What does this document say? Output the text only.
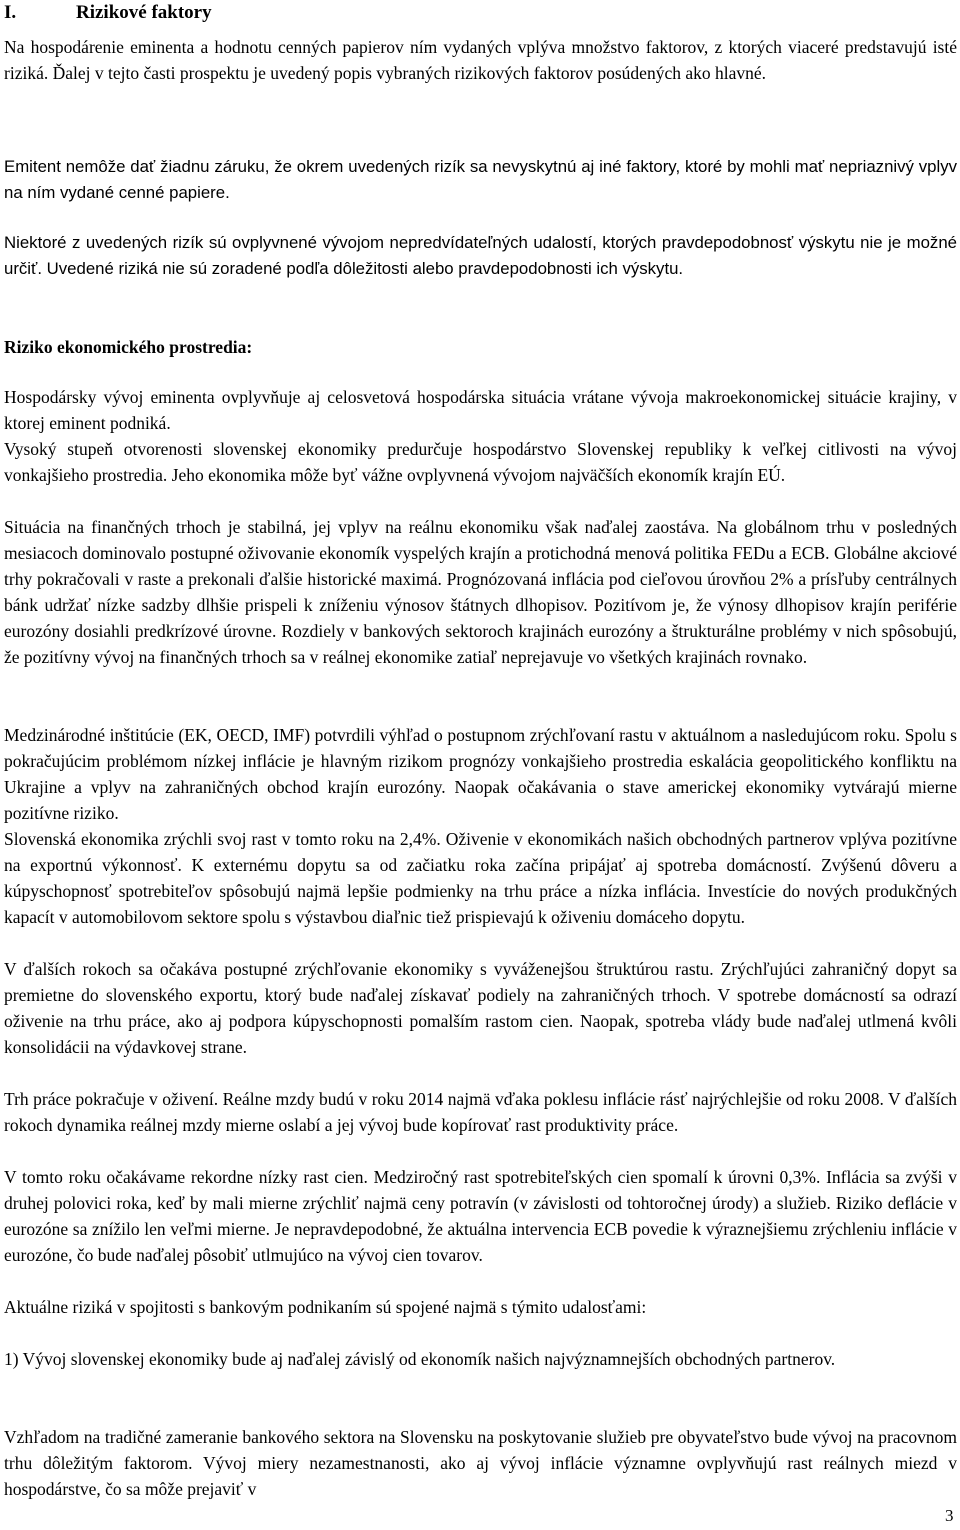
I.	Rizikové faktory

Na hospodárenie eminenta a hodnotu cenných papierov ním vydaných vplýva množstvo faktorov, z ktorých viaceré predstavujú isté riziká. Ďalej v tejto časti prospektu je uvedený popis vybraných rizikových faktorov posúdených ako hlavné.

Emitent nemôže dať žiadnu záruku, že okrem uvedených rizík sa nevyskytnú aj iné faktory, ktoré by mohli mať nepriaznivý vplyv na ním vydané cenné papiere.

Niektoré z uvedených rizík sú ovplyvnené vývojom nepredvídateľných udalostí, ktorých pravdepodobnosť výskytu nie je možné určiť. Uvedené riziká nie sú zoradené podľa dôležitosti alebo pravdepodobnosti ich výskytu.

Riziko ekonomického prostredia:

Hospodársky vývoj eminenta ovplyvňuje aj celosvetová hospodárska situácia vrátane vývoja makroekonomickej situácie krajiny, v ktorej eminent podniká.

Vysoký stupeň otvorenosti slovenskej ekonomiky predurčuje hospodárstvo Slovenskej republiky k veľkej citlivosti na vývoj vonkajšieho prostredia. Jeho ekonomika môže byť vážne ovplyvnená vývojom najväčších ekonomík krajín EÚ.

Situácia na finančných trhoch je stabilná, jej vplyv na reálnu ekonomiku však naďalej zaostáva. Na globálnom trhu v posledných mesiacoch dominovalo postupné oživovanie ekonomík vyspelých krajín a protichodná menová politika FEDu a ECB. Globálne akciové trhy pokračovali v raste a prekonali ďalšie historické maximá. Prognózovaná inflácia pod cieľovou úrovňou 2% a prísľuby centrálnych bánk udržať nízke sadzby dlhšie prispeli k zníženiu výnosov štátnych dlhopisov. Pozitívom je, že výnosy dlhopisov krajín periférie eurozóny dosiahli predkrízové úrovne. Rozdiely v bankových sektoroch krajinách eurozóny a štrukturálne problémy v nich spôsobujú, že pozitívny vývoj na finančných trhoch sa v reálnej ekonomike zatiaľ neprejavuje vo všetkých krajinách rovnako.

Medzinárodné inštitúcie (EK, OECD, IMF) potvrdili výhľad o postupnom zrýchľovaní rastu v aktuálnom a nasledujúcom roku. Spolu s pokračujúcim problémom nízkej inflácie je hlavným rizikom prognózy vonkajšieho prostredia eskalácia geopolitického konfliktu na Ukrajine a vplyv na zahraničných obchod krajín eurozóny. Naopak očakávania o stave americkej ekonomiky vytvárajú mierne pozitívne riziko.

Slovenská ekonomika zrýchli svoj rast v tomto roku na 2,4%. Oživenie v ekonomikách našich obchodných partnerov vplýva pozitívne na exportnú výkonnosť. K externému dopytu sa od začiatku roka začína pripájať aj spotreba domácností. Zvýšenú dôveru a kúpyschopnosť spotrebiteľov spôsobujú najmä lepšie podmienky na trhu práce a nízka inflácia. Investície do nových produkčných kapacít v automobilovom sektore spolu s výstavbou diaľnic tiež prispievajú k oživeniu domáceho dopytu.

V ďalších rokoch sa očakáva postupné zrýchľovanie ekonomiky s vyváženejšou štruktúrou rastu. Zrýchľujúci zahraničný dopyt sa premietne do slovenského exportu, ktorý bude naďalej získavať podiely na zahraničných trhoch. V spotrebe domácností sa odrazí oživenie na trhu práce, ako aj podpora kúpyschopnosti pomalším rastom cien. Naopak, spotreba vlády bude naďalej utlmená kvôli konsolidácii na výdavkovej strane.

Trh práce pokračuje v oživení. Reálne mzdy budú v roku 2014 najmä vďaka poklesu inflácie rásť najrýchlejšie od roku 2008. V ďalších rokoch dynamika reálnej mzdy mierne oslabí a jej vývoj bude kopírovať rast produktivity práce.

V tomto roku očakávame rekordne nízky rast cien. Medziročný rast spotrebiteľských cien spomalí k úrovni 0,3%. Inflácia sa zvýši v druhej polovici roka, keď by mali mierne zrýchliť najmä ceny potravín (v závislosti od tohtoročnej úrody) a služieb. Riziko deflácie v eurozóne sa znížilo len veľmi mierne. Je nepravdepodobné, že aktuálna intervencia ECB povedie k výraznejšiemu zrýchleniu inflácie v eurozóne, čo bude naďalej pôsobiť utlmujúco na vývoj cien tovarov.

Aktuálne riziká v spojitosti s bankovým podnikaním sú spojené najmä s týmito udalosťami:

1) Vývoj slovenskej ekonomiky bude aj naďalej závislý od ekonomík našich najvýznamnejších obchodných partnerov.

Vzhľadom na tradičné zameranie bankového sektora na Slovensku na poskytovanie služieb pre obyvateľstvo bude vývoj na pracovnom trhu dôležitým faktorom. Vývoj miery nezamestnanosti, ako aj vývoj inflácie významne ovplyvňujú rast reálnych miezd v hospodárstve, čo sa môže prejaviť v

3
